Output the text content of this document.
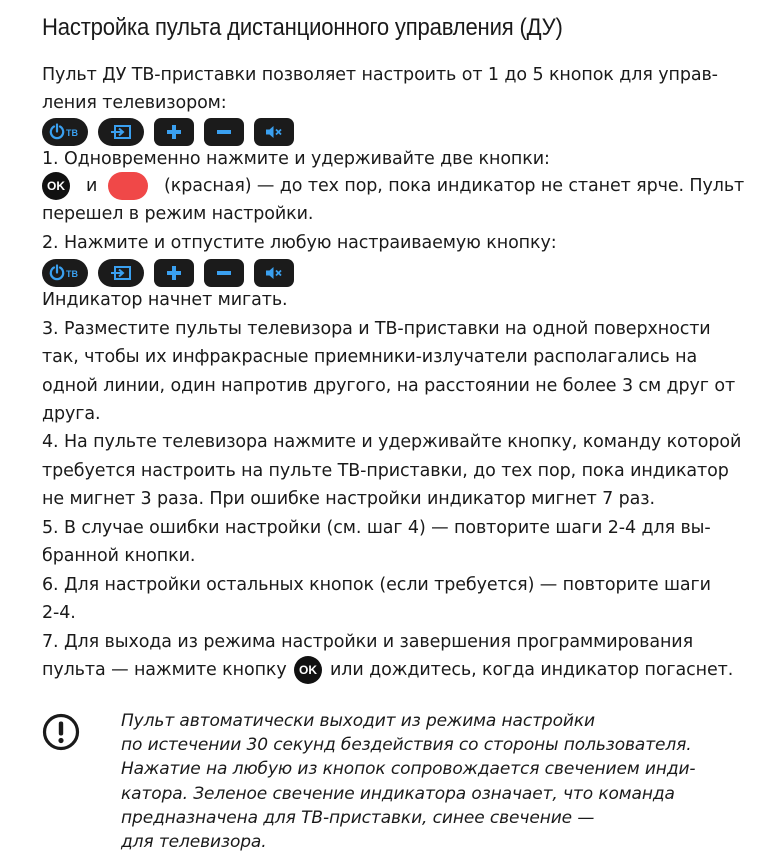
Настройка пульта дистанционного управления (ДУ)
Пульт ДУ ТВ-приставки позволяет настроить от 1 до 5 кнопок для управ-
ления телевизором:
TB
1. Одновременно нажмите и удерживайте две кнопки:
OK и	(красная) — до тех пор, пока индикатор не станет ярче. Пульт
перешел в режим настройки.
2. Нажмите и отпустите любую настраиваемую кнопку:
TB
Индикатор начнет мигать.
3. Разместите пульты телевизора и ТВ-приставки на одной поверхности
так, чтобы их инфракрасные приемники-излучатели располагались на
одной линии, один напротив другого, на расстоянии не более 3 см друг от
друга.
4. На пульте телевизора нажмите и удерживайте кнопку, команду которой
требуется настроить на пульте ТВ-приставки, до тех пор, пока индикатор
не мигнет 3 раза. При ошибке настройки индикатор мигнет 7 раз.
5. В случае ошибки настройки (см. шаг 4) — повторите шаги 2-4 для вы-
бранной кнопки.
6. Для настройки остальных кнопок (если требуется) — повторите шаги
2-4.
7. Для выхода из режима настройки и завершения программирования
пульта — нажмите кнопку	OK или дождитесь, когда индикатор погаснет.
Пульт автоматически выходит из режима настройки
по истечении 30 секунд бездействия со стороны пользователя.
Нажатие на любую из кнопок сопровождается свечением инди-
катора. Зеленое свечение индикатора означает, что команда
предназначена для ТВ-приставки, синее свечение —
для телевизора.
